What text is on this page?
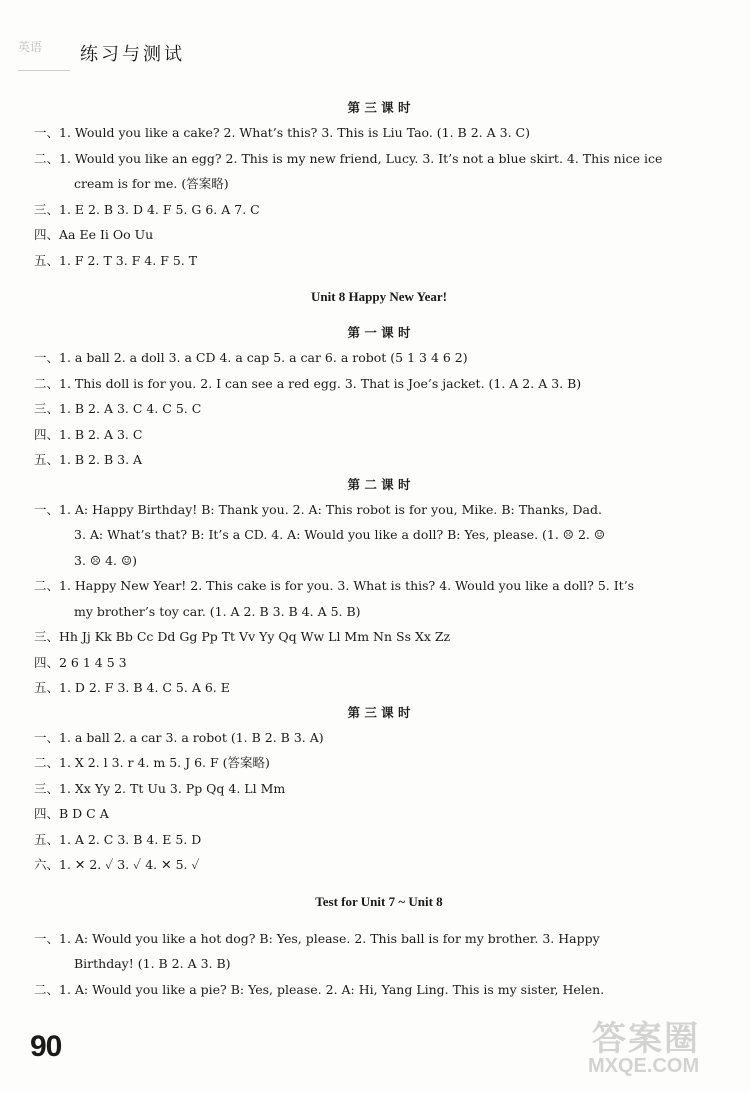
英语 练习与测试

第 三 课 时

一、1. Would you like a cake? 2. What’s this? 3. This is Liu Tao. (1. B 2. A 3. C)

二、1. Would you like an egg? 2. This is my new friend, Lucy. 3. It’s not a blue skirt. 4. This nice ice

cream is for me. (答案略)

三、1. E 2. B 3. D 4. F 5. G 6. A 7. C

四、Aa Ee Ii Oo Uu

五、1. F 2. T 3. F 4. F 5. T

Unit 8 Happy New Year!

第 一 课 时

一、1. a ball 2. a doll 3. a CD 4. a cap 5. a car 6. a robot (5 1 3 4 6 2)

二、1. This doll is for you. 2. I can see a red egg. 3. That is Joe’s jacket. (1. A 2. A 3. B)

三、1. B 2. A 3. C 4. C 5. C

四、1. B 2. A 3. C

五、1. B 2. B 3. A

第 二 课 时

一、1. A: Happy Birthday! B: Thank you. 2. A: This robot is for you, Mike. B: Thanks, Dad.

3. A: What’s that? B: It’s a CD. 4. A: Would you like a doll? B: Yes, please. (1. ☹ 2. ☺

3. ☹ 4. ☺)

二、1. Happy New Year! 2. This cake is for you. 3. What is this? 4. Would you like a doll? 5. It’s

my brother’s toy car. (1. A 2. B 3. B 4. A 5. B)

三、Hh Jj Kk Bb Cc Dd Gg Pp Tt Vv Yy Qq Ww Ll Mm Nn Ss Xx Zz

四、2 6 1 4 5 3

五、1. D 2. F 3. B 4. C 5. A 6. E

第 三 课 时

一、1. a ball 2. a car 3. a robot (1. B 2. B 3. A)

二、1. X 2. l 3. r 4. m 5. J 6. F (答案略)

三、1. Xx Yy 2. Tt Uu 3. Pp Qq 4. Ll Mm

四、B D C A

五、1. A 2. C 3. B 4. E 5. D

六、1. ✕ 2. ✓ 3. ✓ 4. ✕ 5. ✓

Test for Unit 7 ~ Unit 8

一、1. A: Would you like a hot dog? B: Yes, please. 2. This ball is for my brother. 3. Happy

Birthday! (1. B 2. A 3. B)

二、1. A: Would you like a pie? B: Yes, please. 2. A: Hi, Yang Ling. This is my sister, Helen.

90	答案圈
MXQE.COM
